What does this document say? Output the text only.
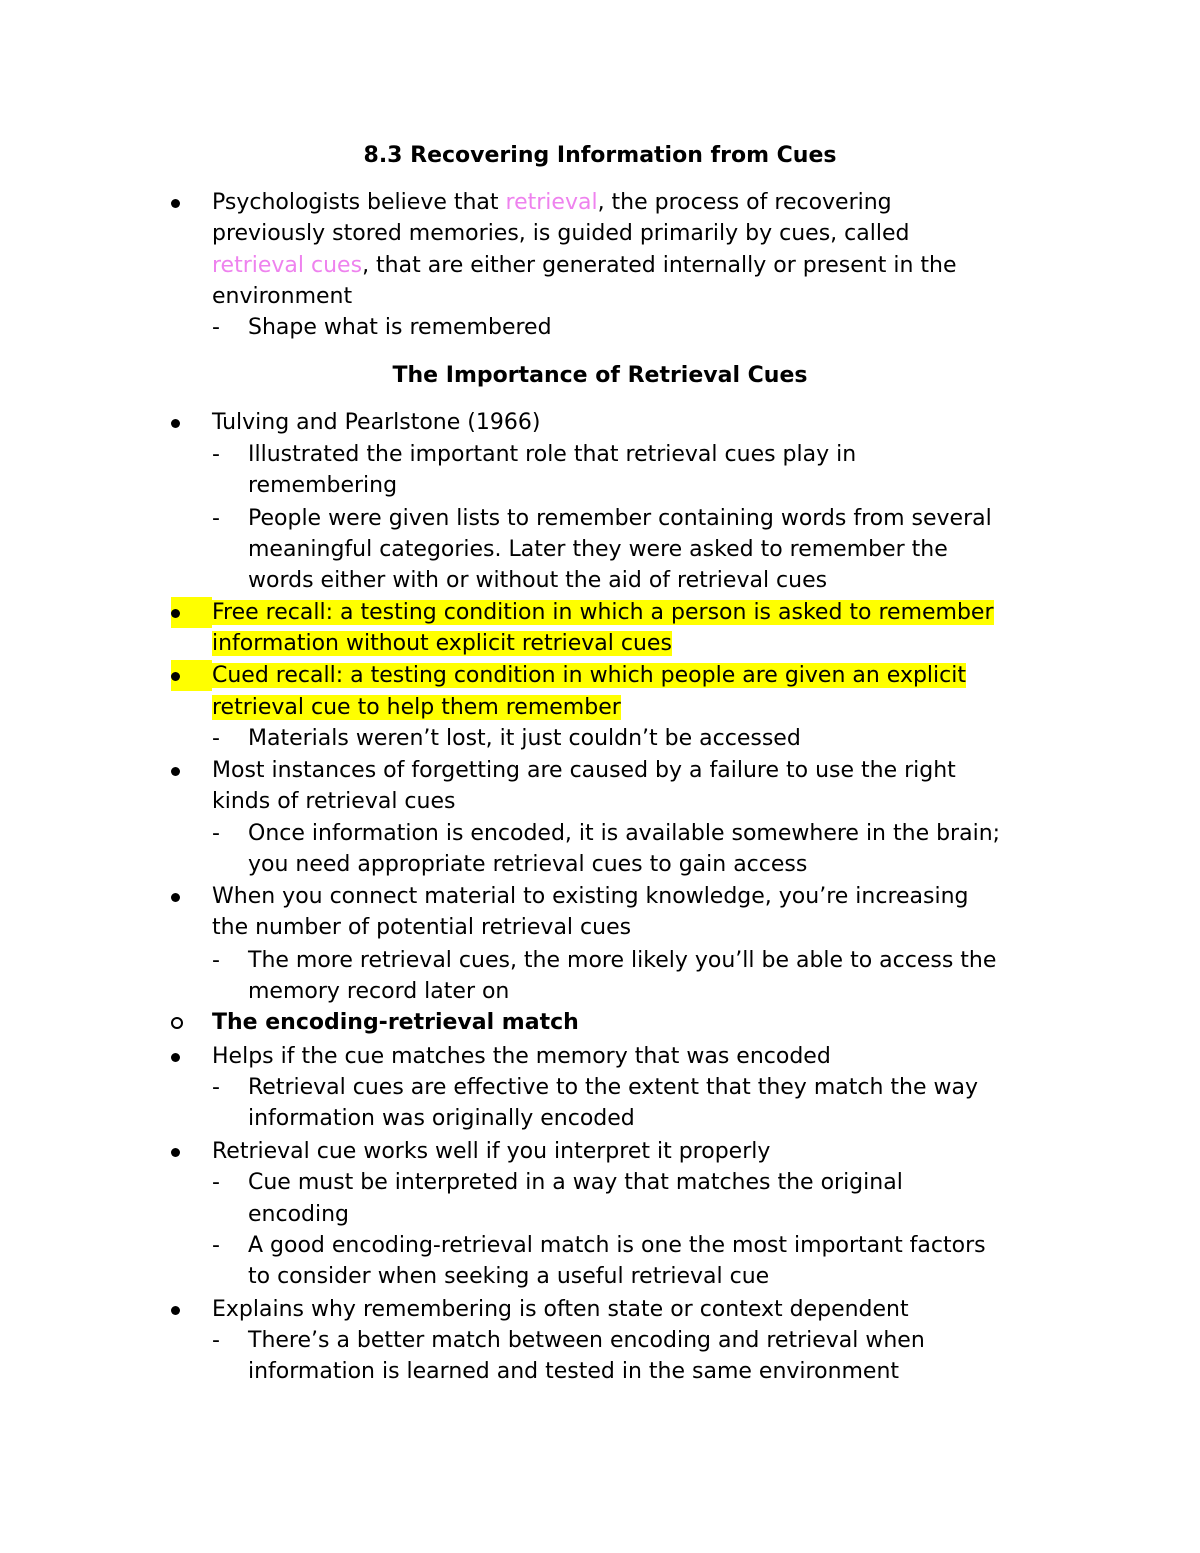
8.3 Recovering Information from Cues

Psychologists believe that retrieval, the process of recovering

previously stored memories, is guided primarily by cues, called

retrieval cues, that are either generated internally or present in the

environment

- Shape what is remembered

The Importance of Retrieval Cues

Tulving and Pearlstone (1966)

- Illustrated the important role that retrieval cues play in

remembering

- People were given lists to remember containing words from several

meaningful categories. Later they were asked to remember the

words either with or without the aid of retrieval cues

Free recall: a testing condition in which a person is asked to remember

information without explicit retrieval cues

Cued recall: a testing condition in which people are given an explicit

retrieval cue to help them remember

- Materials weren’t lost, it just couldn’t be accessed

Most instances of forgetting are caused by a failure to use the right

kinds of retrieval cues

- Once information is encoded, it is available somewhere in the brain;

you need appropriate retrieval cues to gain access

When you connect material to existing knowledge, you’re increasing

the number of potential retrieval cues

- The more retrieval cues, the more likely you’ll be able to access the

memory record later on

The encoding-retrieval match

Helps if the cue matches the memory that was encoded

- Retrieval cues are effective to the extent that they match the way

information was originally encoded

Retrieval cue works well if you interpret it properly

- Cue must be interpreted in a way that matches the original

encoding

- A good encoding-retrieval match is one the most important factors

to consider when seeking a useful retrieval cue

Explains why remembering is often state or context dependent

- There’s a better match between encoding and retrieval when

information is learned and tested in the same environment
